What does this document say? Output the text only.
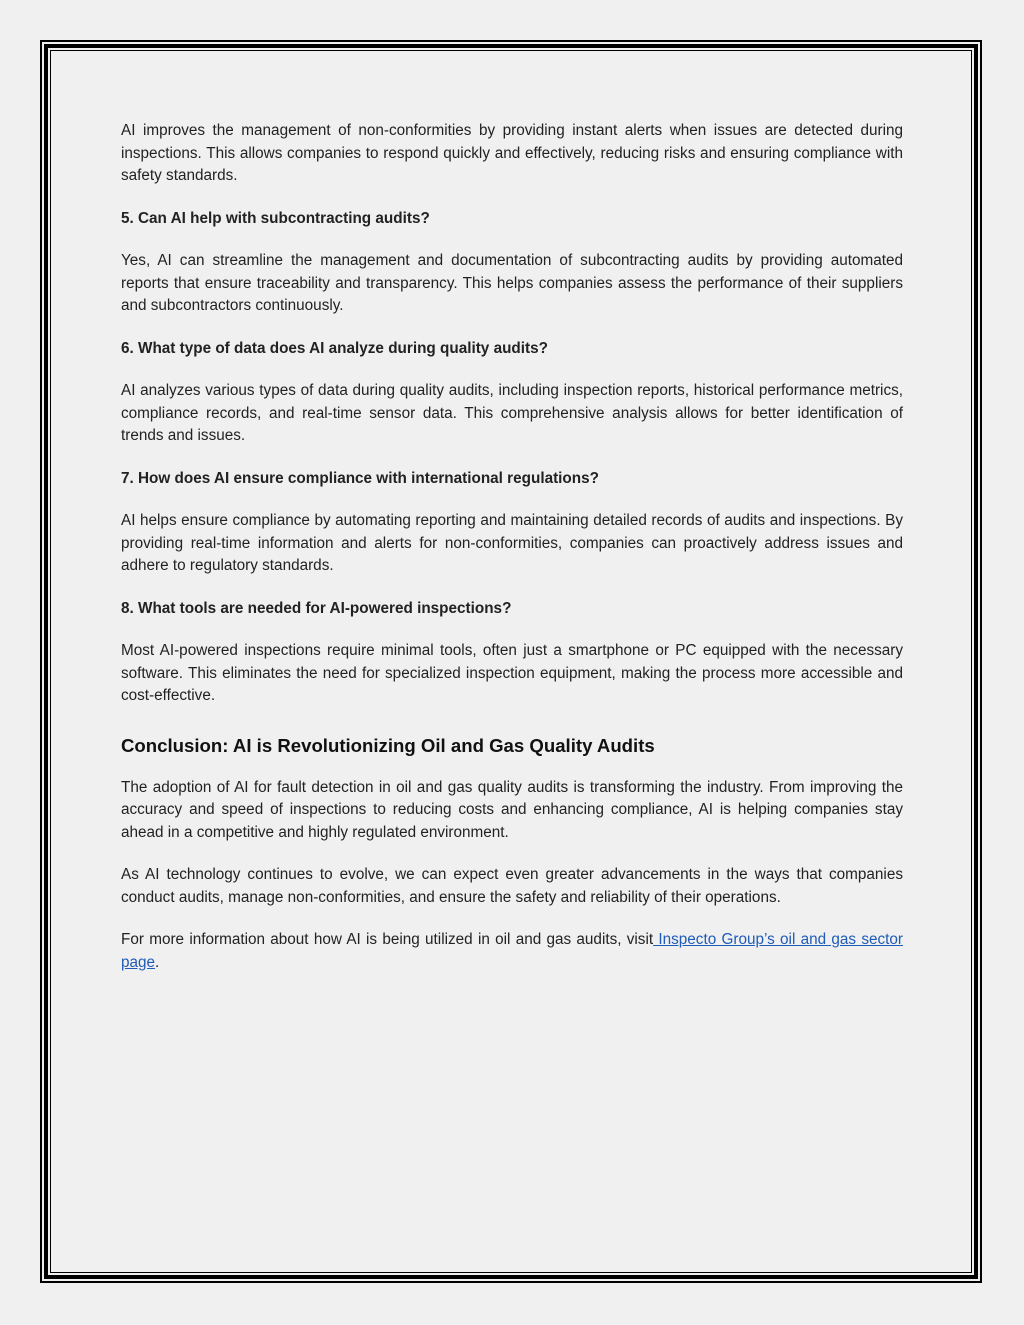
AI improves the management of non-conformities by providing instant alerts when issues are detected during inspections. This allows companies to respond quickly and effectively, reducing risks and ensuring compliance with safety standards.

5. Can AI help with subcontracting audits?

Yes, AI can streamline the management and documentation of subcontracting audits by providing automated reports that ensure traceability and transparency. This helps companies assess the performance of their suppliers and subcontractors continuously.

6. What type of data does AI analyze during quality audits?

AI analyzes various types of data during quality audits, including inspection reports, historical performance metrics, compliance records, and real-time sensor data. This comprehensive analysis allows for better identification of trends and issues.

7. How does AI ensure compliance with international regulations?

AI helps ensure compliance by automating reporting and maintaining detailed records of audits and inspections. By providing real-time information and alerts for non-conformities, companies can proactively address issues and adhere to regulatory standards.

8. What tools are needed for AI-powered inspections?

Most AI-powered inspections require minimal tools, often just a smartphone or PC equipped with the necessary software. This eliminates the need for specialized inspection equipment, making the process more accessible and cost-effective.

Conclusion: AI is Revolutionizing Oil and Gas Quality Audits

The adoption of AI for fault detection in oil and gas quality audits is transforming the industry. From improving the accuracy and speed of inspections to reducing costs and enhancing compliance, AI is helping companies stay ahead in a competitive and highly regulated environment.

As AI technology continues to evolve, we can expect even greater advancements in the ways that companies conduct audits, manage non-conformities, and ensure the safety and reliability of their operations.

For more information about how AI is being utilized in oil and gas audits, visit Inspecto Group’s oil and gas sector page.
